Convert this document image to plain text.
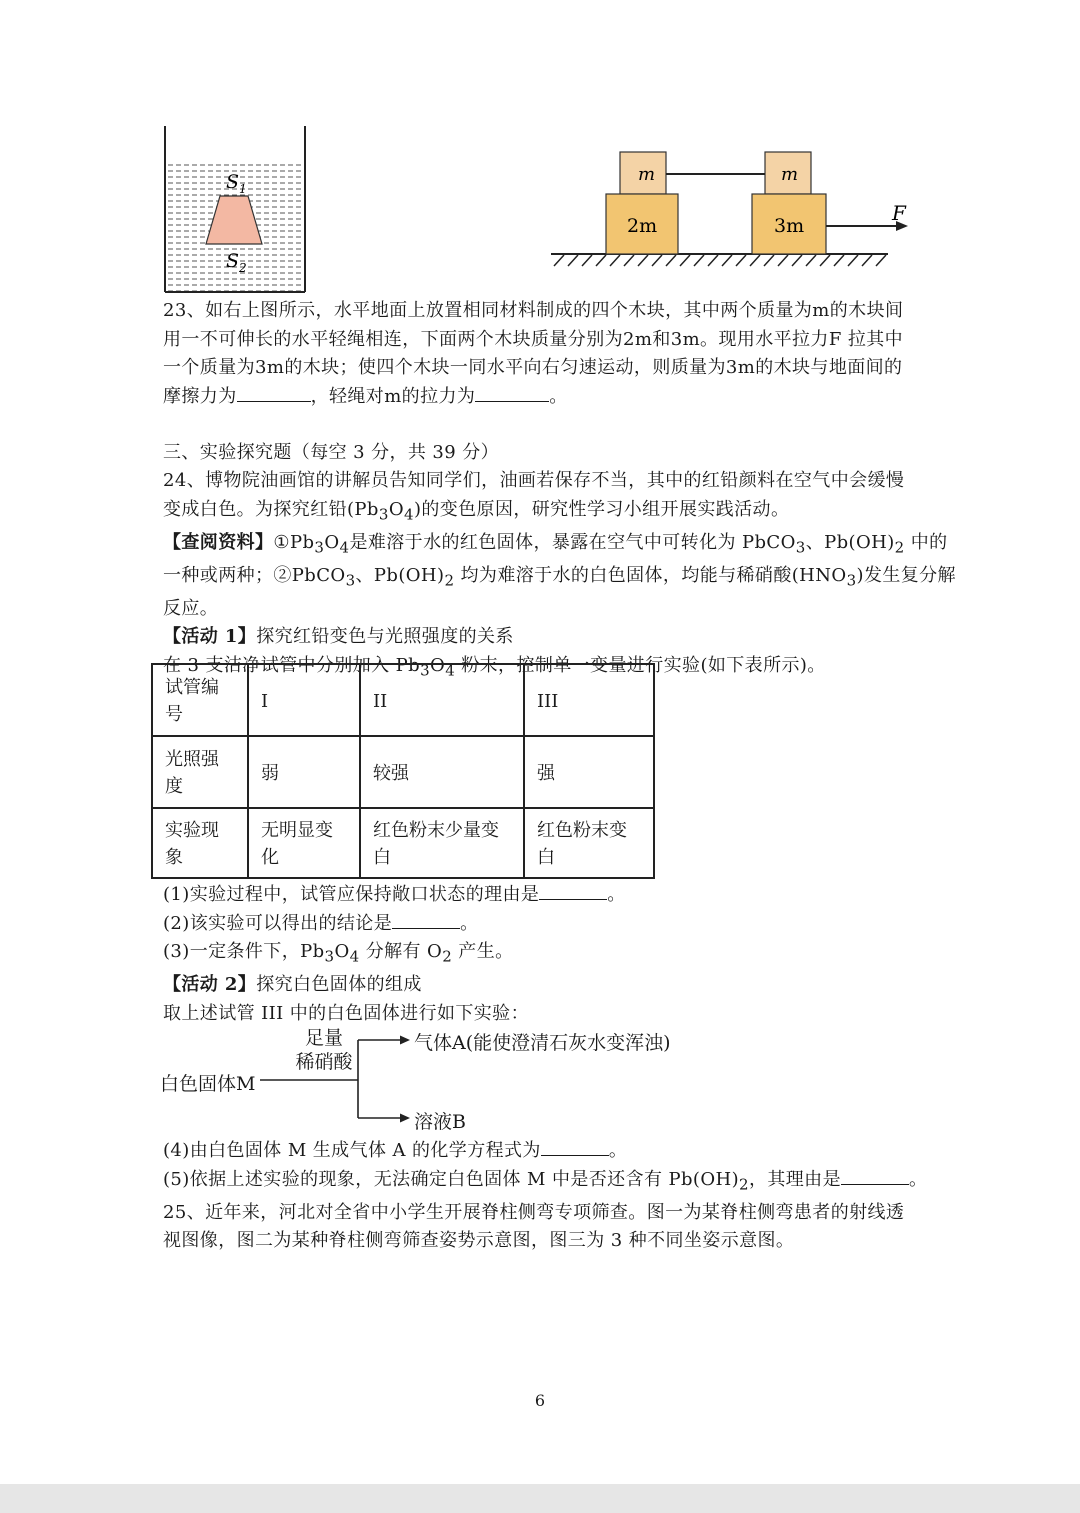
$S_1$
$S_2$
m	m
2m	3m
F
23、如右上图所示，水平地面上放置相同材料制成的四个木块，其中两个质量为m的木块间
用一不可伸长的水平轻绳相连，下面两个木块质量分别为2m和3m。现用水平拉力F 拉其中
一个质量为3m的木块；使四个木块一同水平向右匀速运动，则质量为3m的木块与地面间的
摩擦力为	，轻绳对m的拉力为	。
三、实验探究题（每空 3 分，共 39 分）
24、博物院油画馆的讲解员告知同学们，油画若保存不当，其中的红铅颜料在空气中会缓慢
变成白色。为探究红铅$(Pb_3O_4)$的变色原因，研究性学习小组开展实践活动。
【查阅资料】$①Pb_3O_4$是难溶于水的红色固体，暴露在空气中可转化为 PbCO$_3$、$Pb(OH)_2$ 中的
一种或两种；②PbCO$_3$、$Pb(OH)_2$ 均为难溶于水的白色固体，均能与稀硝酸$(HNO_3)$发生复分解
反应。
【活动 1】探究红铅变色与光照强度的关系
在 3 支洁净试管中分别加入 $Pb_3O_4$ 粉末，控制单一变量进行实验(如下表所示)。
试管编号	I	II	III
光照强度	弱	较强	强
实验现象	无明显变化	红色粉末少量变白	红色粉末变白
(1)实验过程中，试管应保持敞口状态的理由是	。
(2)该实验可以得出的结论是	。
(3)一定条件下，$Pb_3O_4$ 分解有 $O_2$ 产生。
【活动 2】探究白色固体的组成
取上述试管 III 中的白色固体进行如下实验：
足量
稀硝酸
白色固体M
气体A(能使澄清石灰水变浑浊)
溶液B
(4)由白色固体 M 生成气体 A 的化学方程式为	。
(5)依据上述实验的现象，无法确定白色固体 M 中是否还含有 $Pb(OH)_2$，其理由是	。
25、近年来，河北对全省中小学生开展脊柱侧弯专项筛查。图一为某脊柱侧弯患者的射线透
视图像，图二为某种脊柱侧弯筛查姿势示意图，图三为 3 种不同坐姿示意图。
6
